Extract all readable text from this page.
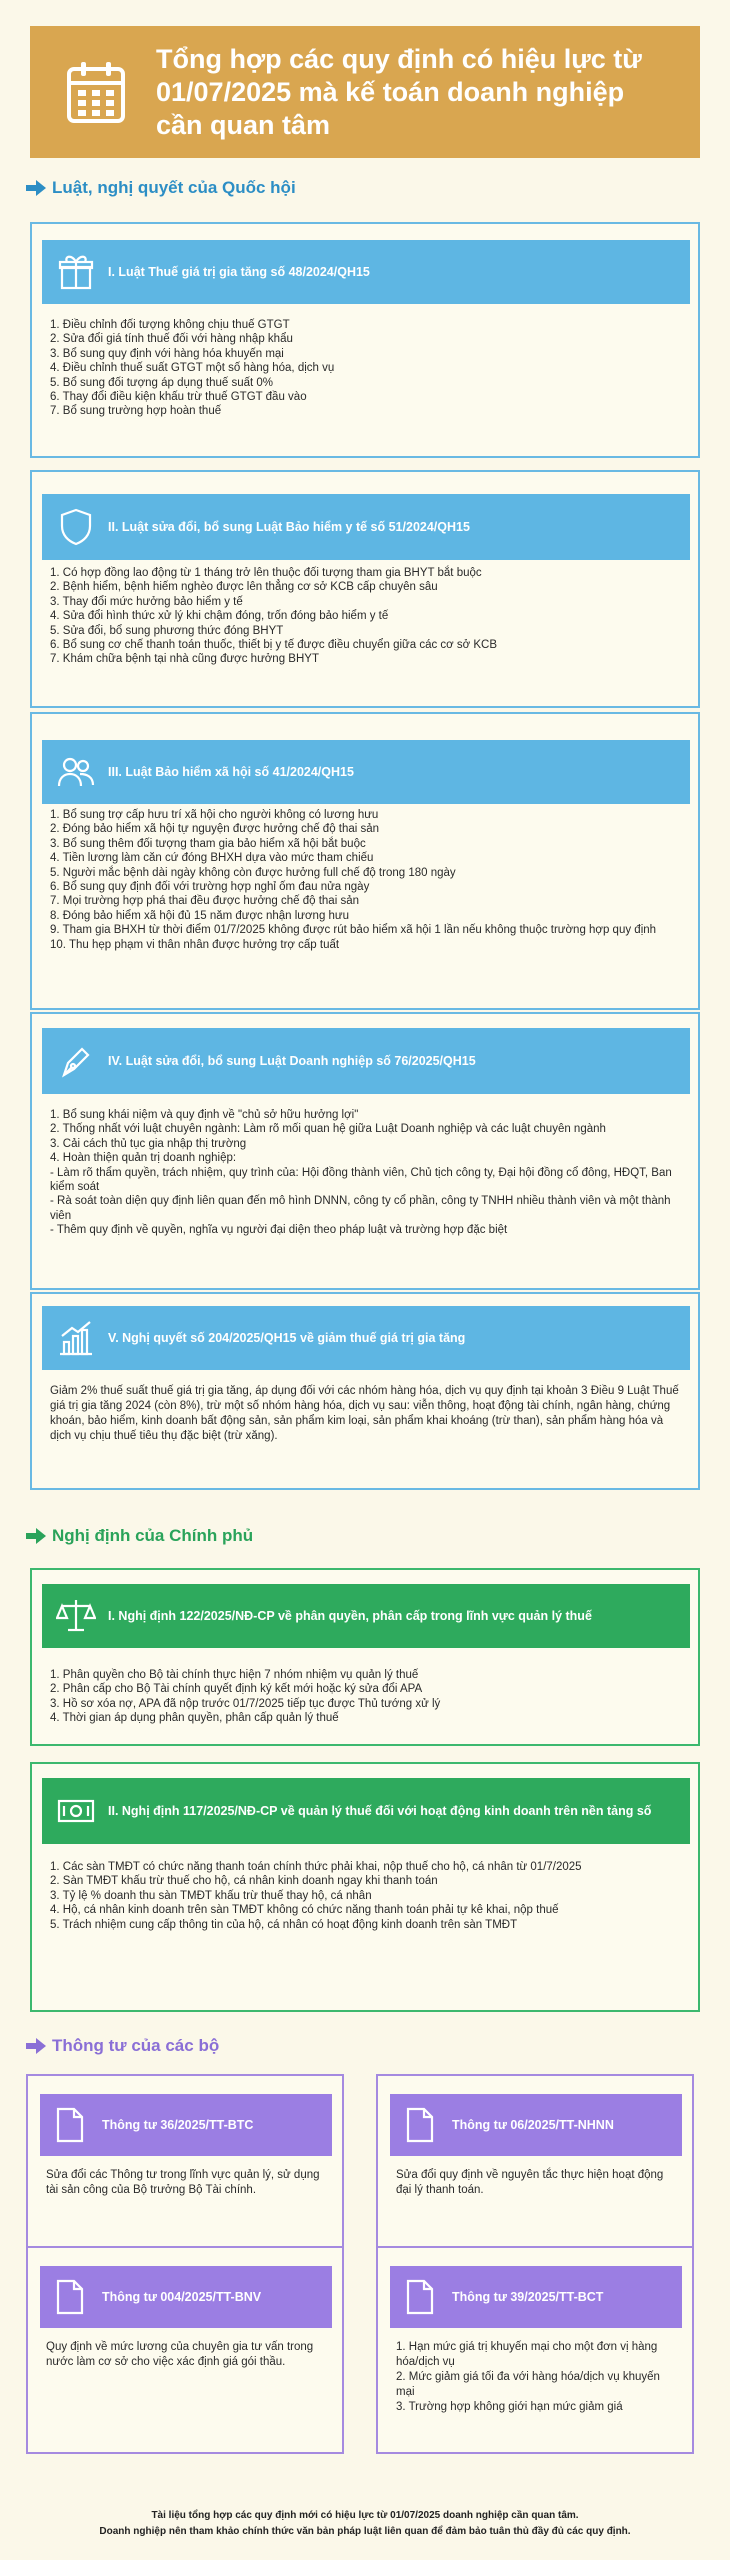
Tổng hợp các quy định có hiệu lực từ 01/07/2025 mà kế toán doanh nghiệp cần quan tâm
Luật, nghị quyết của Quốc hội
I. Luật Thuế giá trị gia tăng số 48/2024/QH15
1. Điều chỉnh đối tượng không chịu thuế GTGT
2. Sửa đổi giá tính thuế đối với hàng nhập khẩu
3. Bổ sung quy định với hàng hóa khuyến mại
4. Điều chỉnh thuế suất GTGT một số hàng hóa, dịch vụ
5. Bổ sung đối tượng áp dụng thuế suất 0%
6. Thay đổi điều kiện khấu trừ thuế GTGT đầu vào
7. Bổ sung trường hợp hoàn thuế
II. Luật sửa đổi, bổ sung Luật Bảo hiểm y tế số 51/2024/QH15
1. Có hợp đồng lao động từ 1 tháng trở lên thuộc đối tượng tham gia BHYT bắt buộc
2. Bệnh hiểm, bệnh hiếm nghèo được lên thẳng cơ sở KCB cấp chuyên sâu
3. Thay đổi mức hưởng bảo hiểm y tế
4. Sửa đổi hình thức xử lý khi chậm đóng, trốn đóng bảo hiểm y tế
5. Sửa đổi, bổ sung phương thức đóng BHYT
6. Bổ sung cơ chế thanh toán thuốc, thiết bị y tế được điều chuyển giữa các cơ sở KCB
7. Khám chữa bệnh tại nhà cũng được hưởng BHYT
III. Luật Bảo hiểm xã hội số 41/2024/QH15
1. Bổ sung trợ cấp hưu trí xã hội cho người không có lương hưu
2. Đóng bảo hiểm xã hội tự nguyện được hưởng chế độ thai sản
3. Bổ sung thêm đối tượng tham gia bảo hiểm xã hội bắt buộc
4. Tiền lương làm căn cứ đóng BHXH dựa vào mức tham chiếu
5. Người mắc bệnh dài ngày không còn được hưởng full chế độ trong 180 ngày
6. Bổ sung quy định đối với trường hợp nghỉ ốm đau nửa ngày
7. Mọi trường hợp phá thai đều được hưởng chế độ thai sản
8. Đóng bảo hiểm xã hội đủ 15 năm được nhận lương hưu
9. Tham gia BHXH từ thời điểm 01/7/2025 không được rút bảo hiểm xã hội 1 lần nếu không thuộc trường hợp quy định
10. Thu hẹp phạm vi thân nhân được hưởng trợ cấp tuất
IV. Luật sửa đổi, bổ sung Luật Doanh nghiệp số 76/2025/QH15
1. Bổ sung khái niệm và quy định về "chủ sở hữu hưởng lợi"
2. Thống nhất với luật chuyên ngành: Làm rõ mối quan hệ giữa Luật Doanh nghiệp và các luật chuyên ngành
3. Cải cách thủ tục gia nhập thị trường
4. Hoàn thiện quản trị doanh nghiệp:
- Làm rõ thẩm quyền, trách nhiệm, quy trình của: Hội đồng thành viên, Chủ tịch công ty, Đại hội đồng cổ đông, HĐQT, Ban kiểm soát
- Rà soát toàn diện quy định liên quan đến mô hình DNNN, công ty cổ phần, công ty TNHH nhiều thành viên và một thành viên
- Thêm quy định về quyền, nghĩa vụ người đại diện theo pháp luật và trường hợp đặc biệt
V. Nghị quyết số 204/2025/QH15 về giảm thuế giá trị gia tăng
Giảm 2% thuế suất thuế giá trị gia tăng, áp dụng đối với các nhóm hàng hóa, dịch vụ quy định tại khoản 3 Điều 9 Luật Thuế giá trị gia tăng 2024 (còn 8%), trừ một số nhóm hàng hóa, dịch vụ sau: viễn thông, hoạt động tài chính, ngân hàng, chứng khoán, bảo hiểm, kinh doanh bất động sản, sản phẩm kim loại, sản phẩm khai khoáng (trừ than), sản phẩm hàng hóa và dịch vụ chịu thuế tiêu thụ đặc biệt (trừ xăng).
Nghị định của Chính phủ
I. Nghị định 122/2025/NĐ-CP về phân quyền, phân cấp trong lĩnh vực quản lý thuế
1. Phân quyền cho Bộ tài chính thực hiện 7 nhóm nhiệm vụ quản lý thuế
2. Phân cấp cho Bộ Tài chính quyết định ký kết mới hoặc ký sửa đổi APA
3. Hồ sơ xóa nợ, APA đã nộp trước 01/7/2025 tiếp tục được Thủ tướng xử lý
4. Thời gian áp dụng phân quyền, phân cấp quản lý thuế
II. Nghị định 117/2025/NĐ-CP về quản lý thuế đối với hoạt động kinh doanh trên nền tảng số
1. Các sàn TMĐT có chức năng thanh toán chính thức phải khai, nộp thuế cho hộ, cá nhân từ 01/7/2025
2. Sàn TMĐT khấu trừ thuế cho hộ, cá nhân kinh doanh ngay khi thanh toán
3. Tỷ lệ % doanh thu sàn TMĐT khấu trừ thuế thay hộ, cá nhân
4. Hộ, cá nhân kinh doanh trên sàn TMĐT không có chức năng thanh toán phải tự kê khai, nộp thuế
5. Trách nhiệm cung cấp thông tin của hộ, cá nhân có hoạt động kinh doanh trên sàn TMĐT
Thông tư của các bộ
Thông tư 36/2025/TT-BTC
Sửa đổi các Thông tư trong lĩnh vực quản lý, sử dụng tài sản công của Bộ trưởng Bộ Tài chính.
Thông tư 06/2025/TT-NHNN
Sửa đổi quy định về nguyên tắc thực hiện hoạt động đại lý thanh toán.
Thông tư 004/2025/TT-BNV
Quy định về mức lương của chuyên gia tư vấn trong nước làm cơ sở cho việc xác định giá gói thầu.
Thông tư 39/2025/TT-BCT
1. Hạn mức giá trị khuyến mại cho một đơn vị hàng hóa/dịch vụ
2. Mức giảm giá tối đa với hàng hóa/dịch vụ khuyến mại
3. Trường hợp không giới hạn mức giảm giá
Tài liệu tổng hợp các quy định mới có hiệu lực từ 01/07/2025 doanh nghiệp cần quan tâm.
Doanh nghiệp nên tham khảo chính thức văn bản pháp luật liên quan để đảm bảo tuân thủ đầy đủ các quy định.
